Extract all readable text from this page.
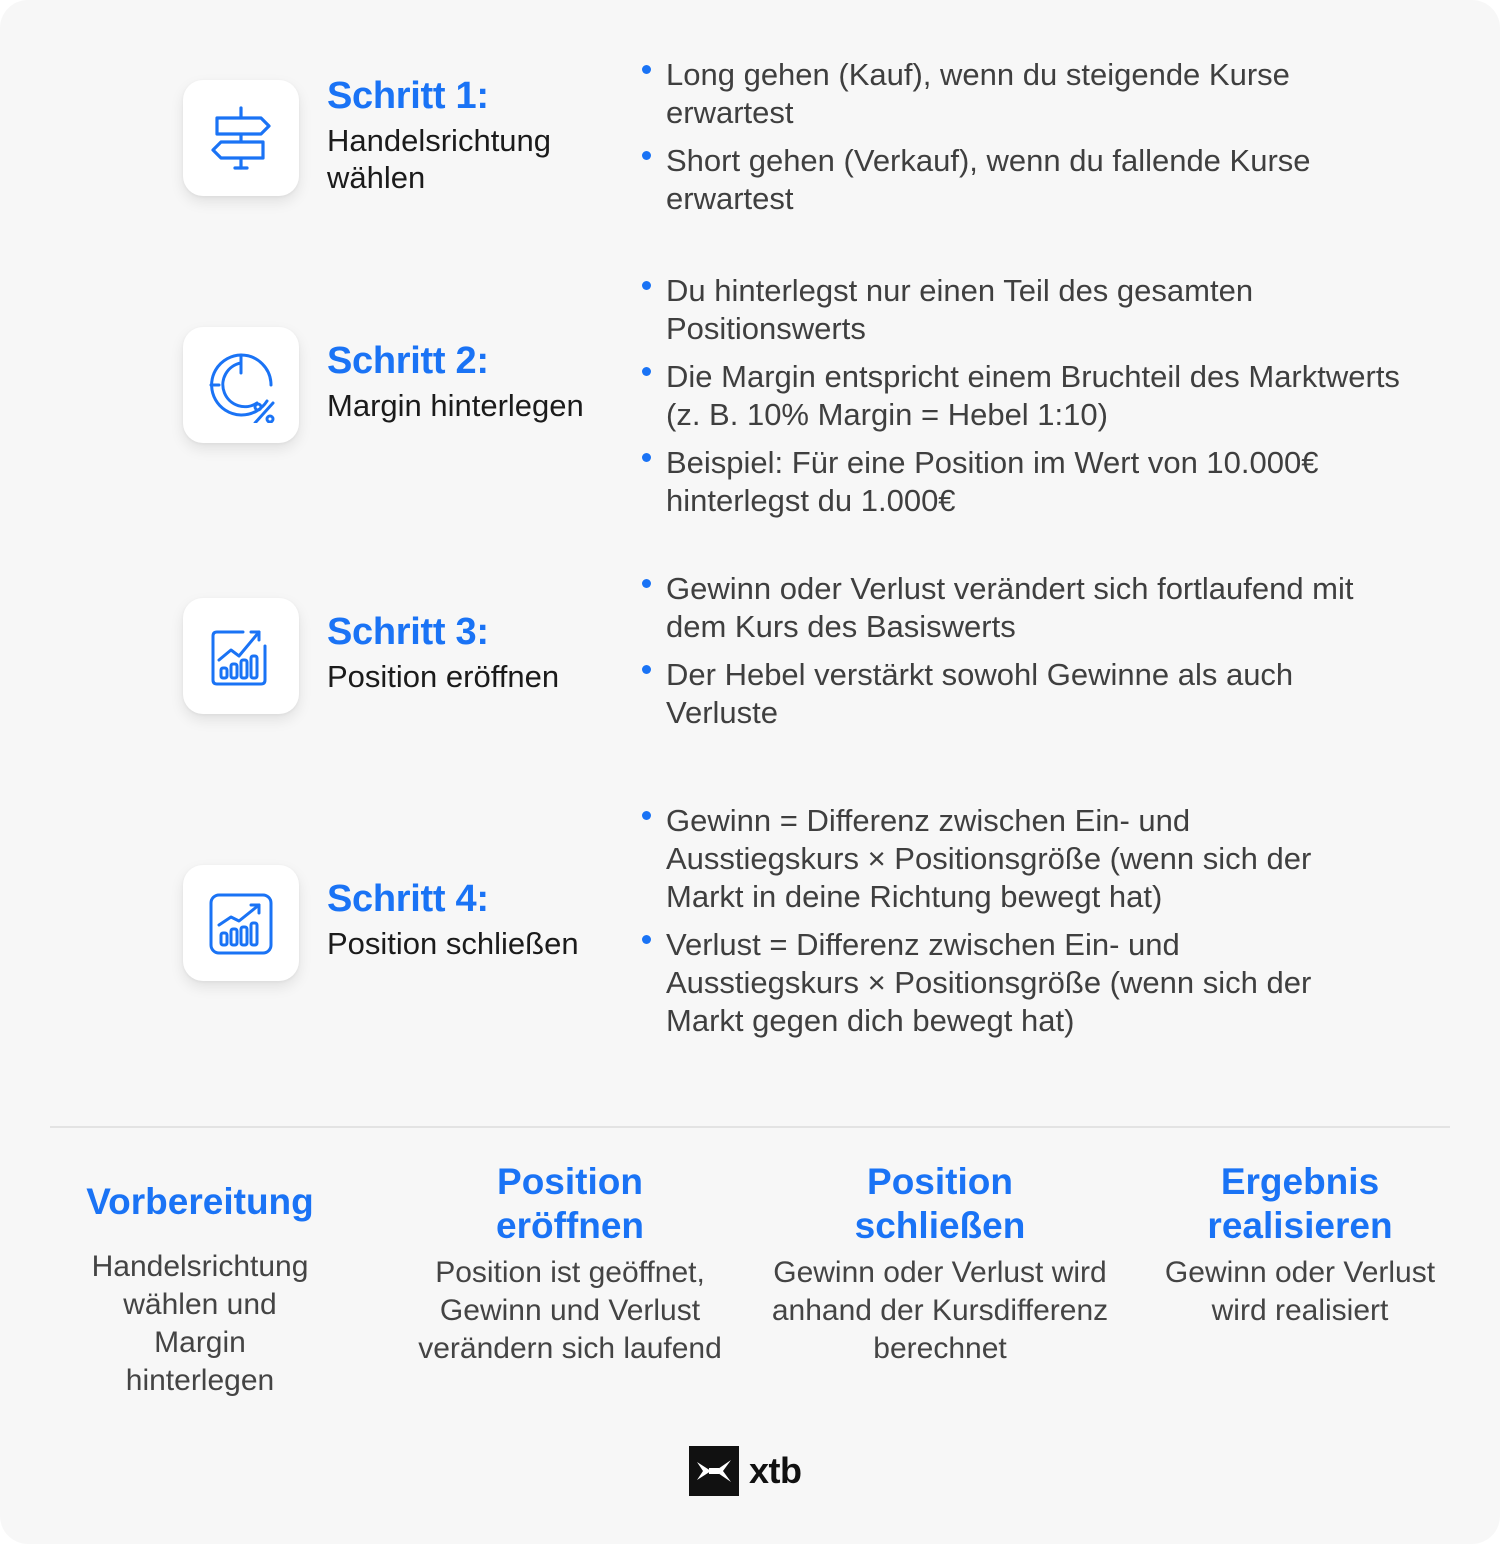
Schritt 1:
Handelsrichtung wählen
Long gehen (Kauf), wenn du steigende Kurse erwartest
Short gehen (Verkauf), wenn du fallende Kurse erwartest
Schritt 2:
Margin hinterlegen
Du hinterlegst nur einen Teil des gesamten Positionswerts
Die Margin entspricht einem Bruchteil des Marktwerts (z. B. 10% Margin = Hebel 1:10)
Beispiel: Für eine Position im Wert von 10.000€ hinterlegst du 1.000€
Schritt 3:
Position eröffnen
Gewinn oder Verlust verändert sich fortlaufend mit dem Kurs des Basiswerts
Der Hebel verstärkt sowohl Gewinne als auch Verluste
Schritt 4:
Position schließen
Gewinn = Differenz zwischen Ein- und Ausstiegskurs × Positionsgröße (wenn sich der Markt in deine Richtung bewegt hat)
Verlust = Differenz zwischen Ein- und Ausstiegskurs × Positionsgröße (wenn sich der Markt gegen dich bewegt hat)
Vorbereitung
Handelsrichtung wählen und Margin hinterlegen
Position eröffnen
Position ist geöffnet, Gewinn und Verlust verändern sich laufend
Position schließen
Gewinn oder Verlust wird anhand der Kursdifferenz berechnet
Ergebnis realisieren
Gewinn oder Verlust wird realisiert
xtb
